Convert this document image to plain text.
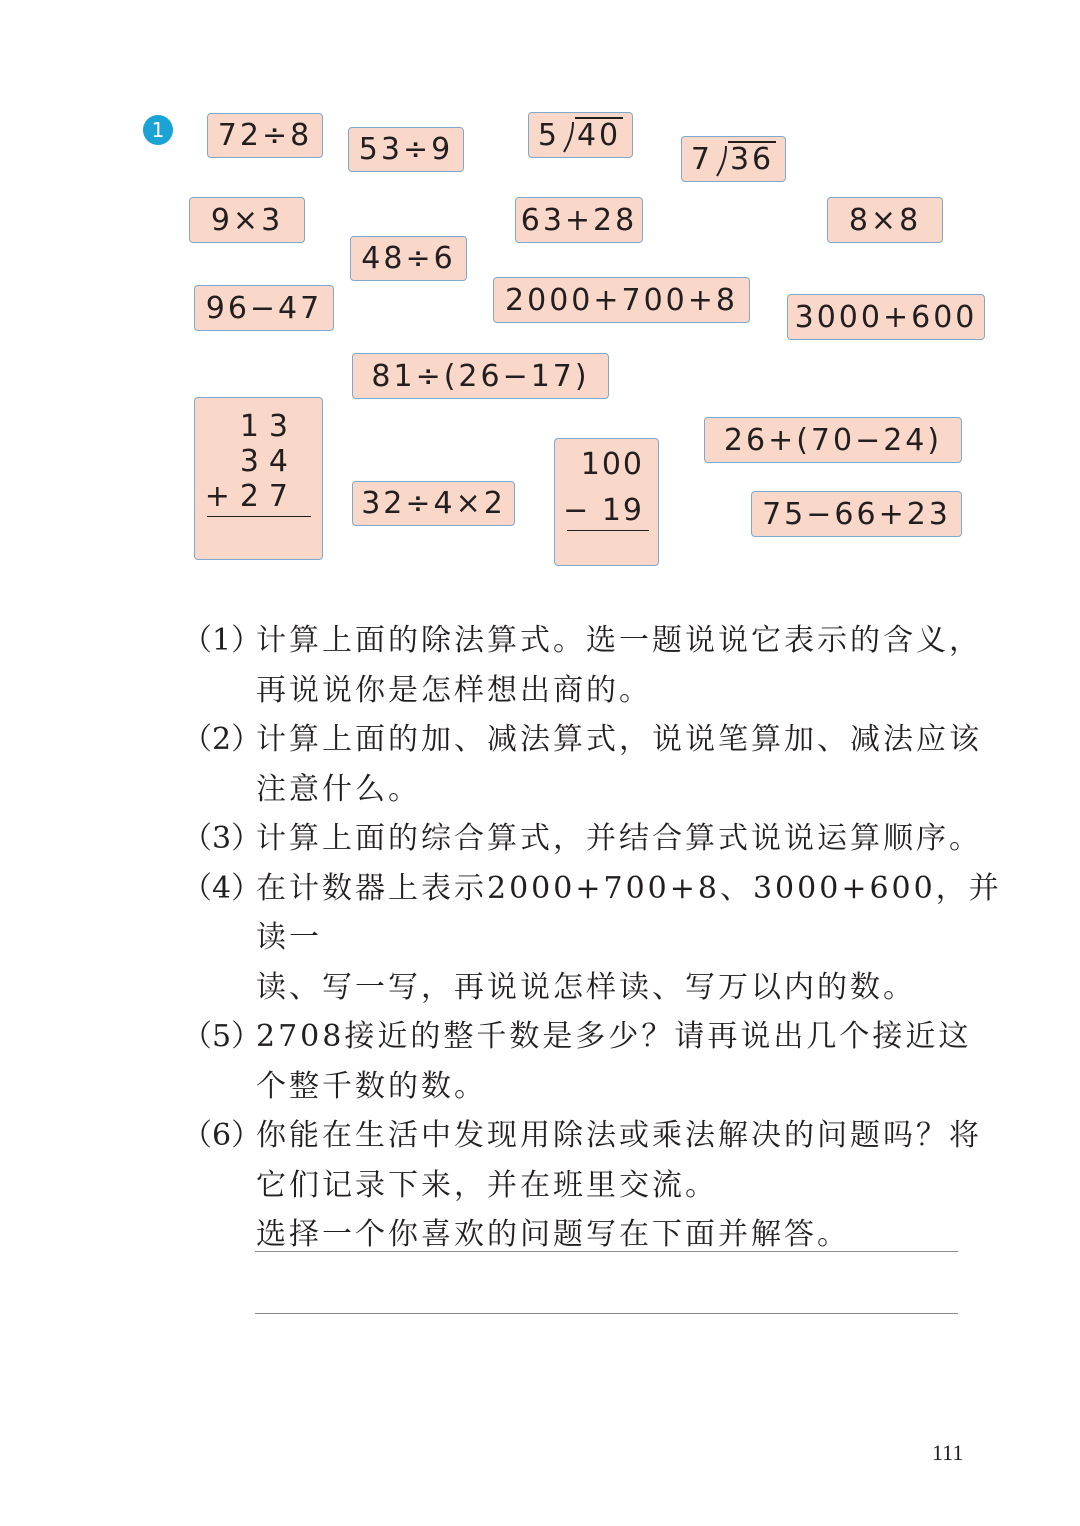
1 72÷8 53÷9	5 40
7 36
9×3	63+28	8×8
48÷6
96−47	2000+700+8 3000+600
81÷(26−17)
26+(70−24)
32÷4×2	75−66+23
13
34
+27
100
− 19
（1）
计算上面的除法算式。选一题说说它表示的含义，
再说说你是怎样想出商的。
（2）
计算上面的加、减法算式，说说笔算加、减法应该
注意什么。
（3）
计算上面的综合算式，并结合算式说说运算顺序。
（4）
在计数器上表示2000+700+8、3000+600，并读一
读、写一写，再说说怎样读、写万以内的数。
（5）
2708接近的整千数是多少？请再说出几个接近这
个整千数的数。
（6）
你能在生活中发现用除法或乘法解决的问题吗？将
它们记录下来，并在班里交流。
选择一个你喜欢的问题写在下面并解答。
111
